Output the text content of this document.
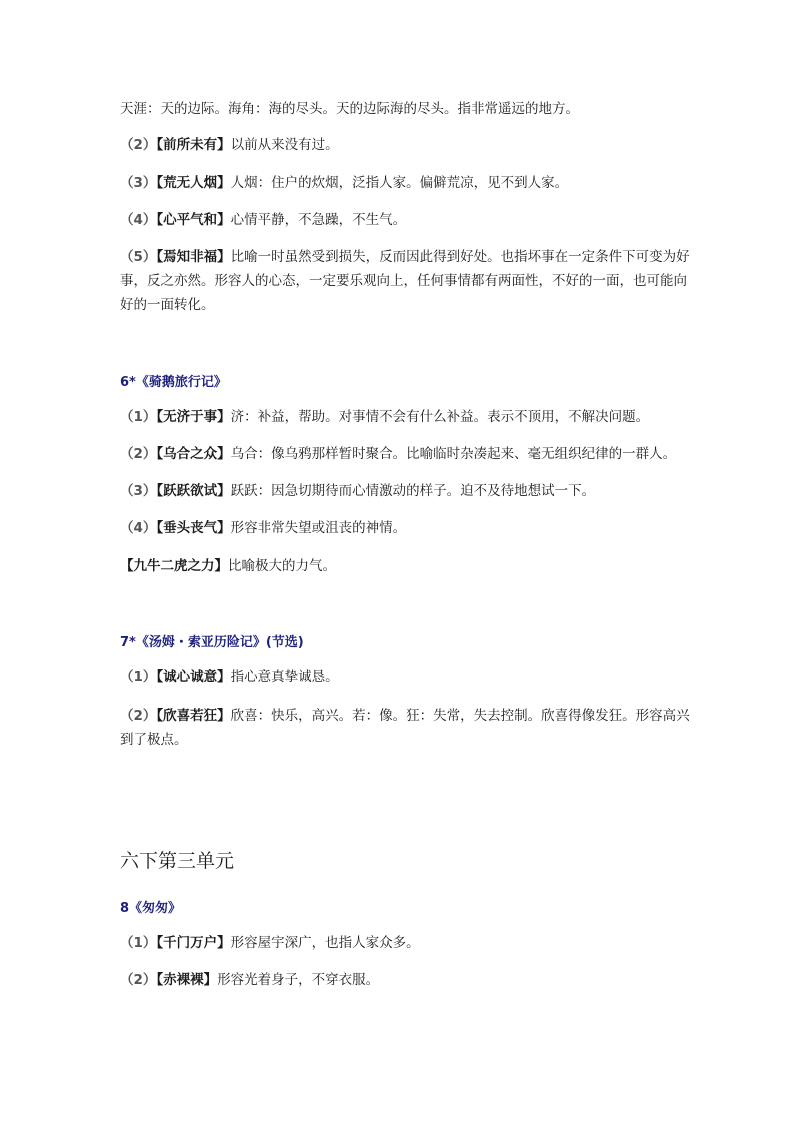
天涯：天的边际。海角：海的尽头。天的边际海的尽头。指非常遥远的地方。
（2）【前所未有】以前从来没有过。
（3）【荒无人烟】人烟：住户的炊烟，泛指人家。偏僻荒凉，见不到人家。
（4）【心平气和】心情平静，不急躁，不生气。
（5）【焉知非福】比喻一时虽然受到损失，反而因此得到好处。也指坏事在一定条件下可变为好事，反之亦然。形容人的心态，一定要乐观向上，任何事情都有两面性，不好的一面，也可能向好的一面转化。
6*《骑鹅旅行记》
（1）【无济于事】济：补益，帮助。对事情不会有什么补益。表示不顶用，不解决问题。
（2）【乌合之众】乌合：像乌鸦那样暂时聚合。比喻临时杂凑起来、毫无组织纪律的一群人。
（3）【跃跃欲试】跃跃：因急切期待而心情激动的样子。迫不及待地想试一下。
（4）【垂头丧气】形容非常失望或沮丧的神情。
【九牛二虎之力】比喻极大的力气。
7*《汤姆・索亚历险记》(节选)
（1）【诚心诚意】指心意真挚诚恳。
（2）【欣喜若狂】欣喜：快乐，高兴。若：像。狂：失常，失去控制。欣喜得像发狂。形容高兴到了极点。
六下第三单元
8《匆匆》
（1）【千门万户】形容屋宇深广，也指人家众多。
（2）【赤裸裸】形容光着身子，不穿衣服。
